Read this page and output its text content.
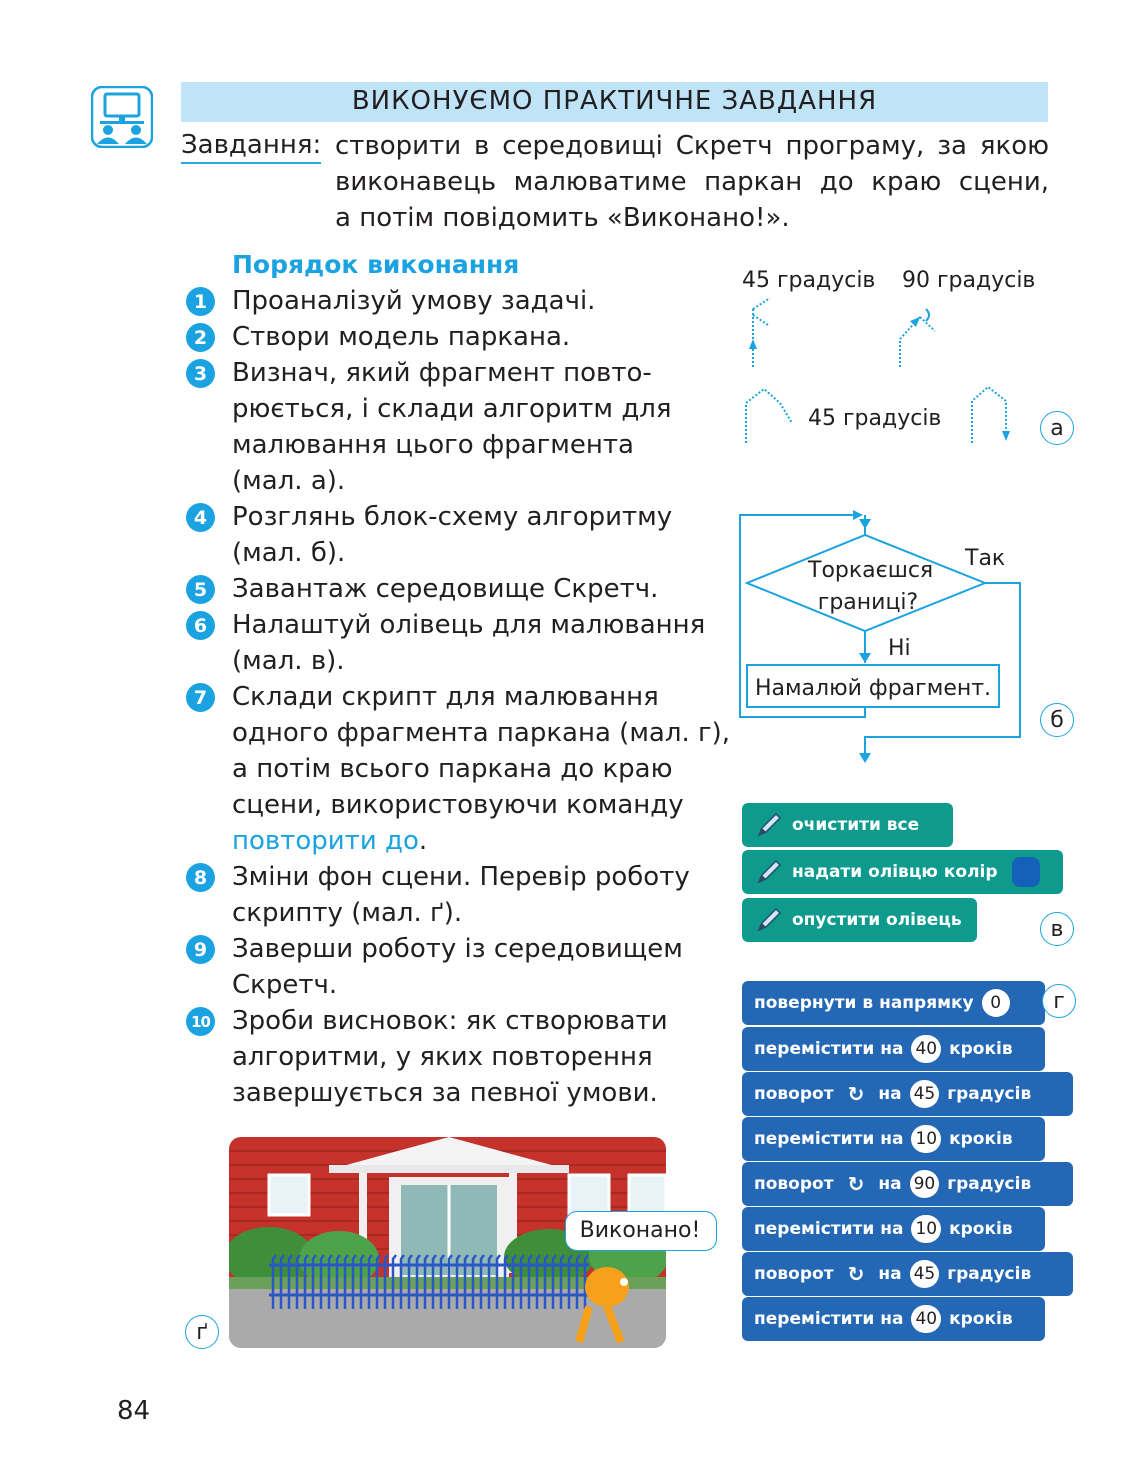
ВИКОНУЄМО ПРАКТИЧНЕ ЗАВДАННЯ
Завдання: створити в середовищі Скретч програму, за якою
виконавець малюватиме паркан до краю сцени,
а потім повідомить «Виконано!».
Порядок виконання
1 Проаналізуй умову задачі.
2 Створи модель паркана.
3 Визнач, який фрагмент повто-
рюється, і склади алгоритм для
малювання цього фрагмента
(мал. а).
4 Розглянь блок-схему алгоритму
(мал. б).
5 Завантаж середовище Скретч.
6 Налаштуй олівець для малювання
(мал. в).
7 Склади скрипт для малювання
одного фрагмента паркана (мал. г),
а потім всього паркана до краю
сцени, використовуючи команду
повторити до.
8 Зміни фон сцени. Перевір роботу
скрипту (мал. ґ).
9 Заверши роботу із середовищем
Скретч.
10 Зроби висновок: як створювати
алгоритми, у яких повторення
завершується за певної умови.
45 градусів 90 градусів
45 градусів	а
Торкаєшся
границі?
Так
Ні
Намалюй фрагмент.
б
очистити все
надати олівцю колір
опустити олівець	в
повернути в напрямку 0	г
перемістити на 40 кроків
поворот ↻ на 45 градусів
перемістити на 10 кроків
поворот ↻ на 90 градусів
перемістити на 10 кроків
поворот ↻ на 45 градусів
перемістити на 40 кроків
Виконано!
ґ
84
